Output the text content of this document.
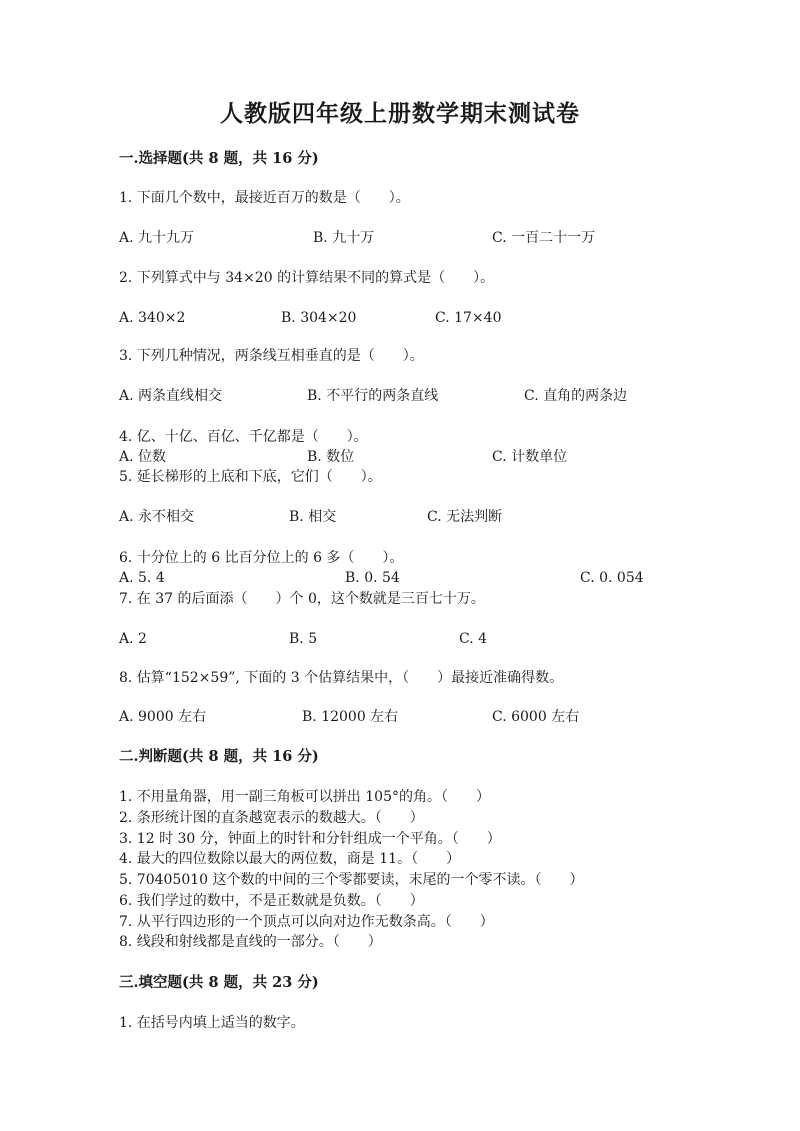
人教版四年级上册数学期末测试卷
一.选择题(共 8 题，共 16 分)
1. 下面几个数中，最接近百万的数是（　　）。
A. 九十九万	B. 九十万	C. 一百二十一万
2. 下列算式中与 34×20 的计算结果不同的算式是（　　）。
A. 340×2	B. 304×20	C. 17×40
3. 下列几种情况，两条线互相垂直的是（　　）。
A. 两条直线相交	B. 不平行的两条直线	C. 直角的两条边
4. 亿、十亿、百亿、千亿都是（　　）。
A. 位数	B. 数位	C. 计数单位
5. 延长梯形的上底和下底，它们（　　）。
A. 永不相交	B. 相交	C. 无法判断
6. 十分位上的 6 比百分位上的 6 多（　　）。
A. 5. 4	B. 0. 54	C. 0. 054
7. 在 37 的后面添（　　）个 0，这个数就是三百七十万。
A. 2	B. 5	C. 4
8. 估算“152×59”, 下面的 3 个估算结果中，（　　）最接近准确得数。
A. 9000 左右	B. 12000 左右	C. 6000 左右
二.判断题(共 8 题，共 16 分)
1. 不用量角器，用一副三角板可以拼出 105°的角。（　　）
2. 条形统计图的直条越宽表示的数越大。（　　）
3. 12 时 30 分，钟面上的时针和分针组成一个平角。（　　）
4. 最大的四位数除以最大的两位数，商是 11。（　　）
5. 70405010 这个数的中间的三个零都要读，末尾的一个零不读。（　　）
6. 我们学过的数中，不是正数就是负数。（　　）
7. 从平行四边形的一个顶点可以向对边作无数条高。（　　）
8. 线段和射线都是直线的一部分。（　　）
三.填空题(共 8 题，共 23 分)
1. 在括号内填上适当的数字。
